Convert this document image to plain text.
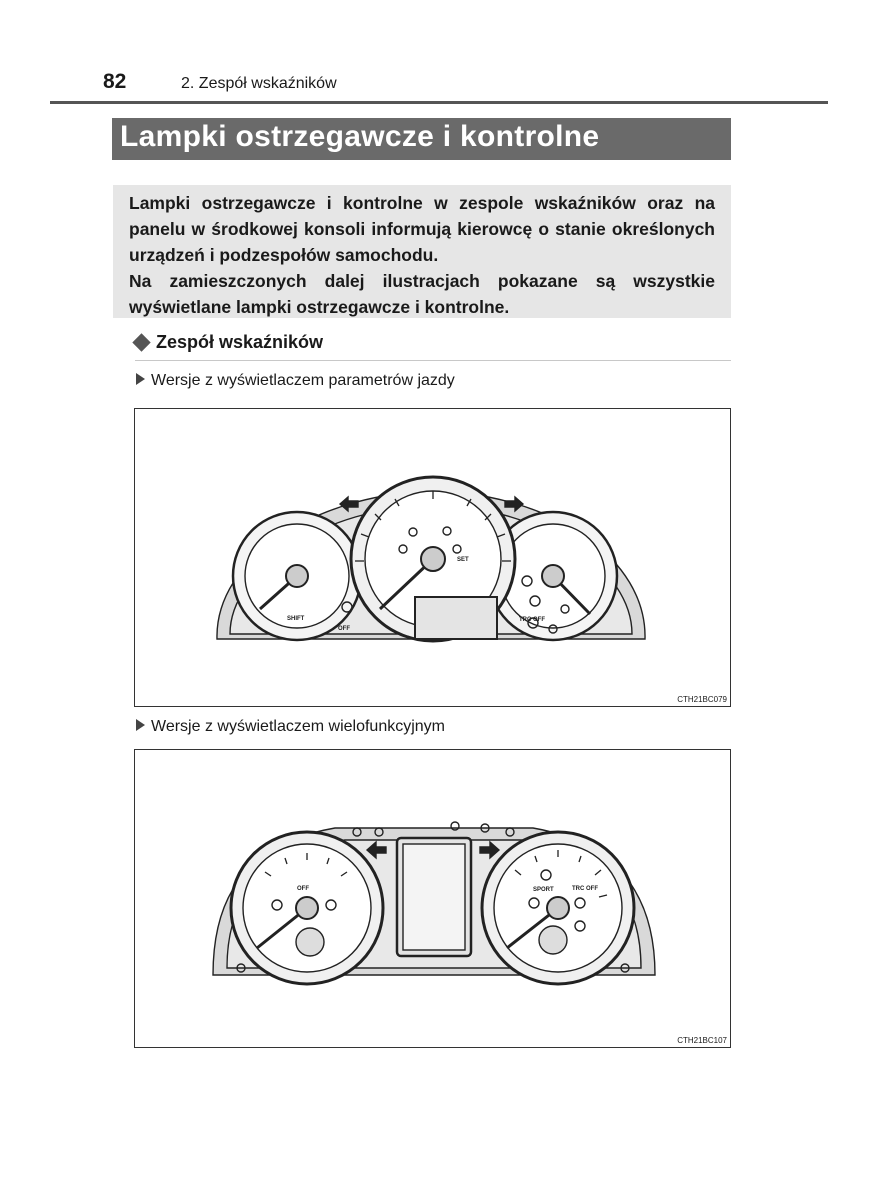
82	2. Zespół wskaźników
Lampki ostrzegawcze i kontrolne

Lampki ostrzegawcze i kontrolne w zespole wskaźników oraz na panelu w środkowej konsoli informują kierowcę o stanie określonych urządzeń i podzespołów samochodu.

Na zamieszczonych dalej ilustracjach pokazane są wszystkie wyświetlane lampki ostrzegawcze i kontrolne.

Zespół wskaźników
Wersje z wyświetlaczem parametrów jazdy
SHIFT
SET
OFF
TRC OFF
CTH21BC079
Wersje z wyświetlaczem wielofunkcyjnym
SPORT
OFF	TRC OFF
CTH21BC107
